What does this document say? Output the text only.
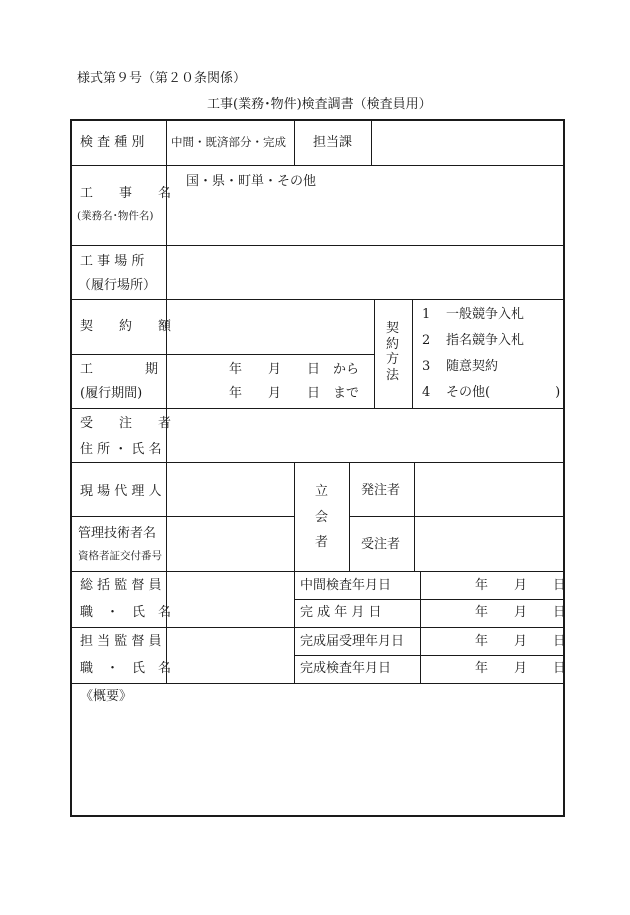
様式第９号（第２０条関係）
工事(業務･物件)検査調書（検査員用）
検 査 種 別 中間・既済部分・完成 担当課
工　　事　　名
(業務名･物件名)
国・県・町単・その他
工 事 場 所
（履行場所）
契　　約　　額	契
約
方
法
1 一般競争入札
2 指名競争入札
3 随意契約
4 その他(　　　　　)
工　　　　期
(履行期間)
年　　月　　日　から
年　　月　　日　まで
受　　注　　者
住 所 ・ 氏 名
現 場 代 理 人	立
会
者
発注者
受注者
管理技術者名
資格者証交付番号
総 括 監 督 員
職　・　氏　名
中間検査年月日
完 成 年 月 日
年　　月　　日
年　　月　　日
担 当 監 督 員
職　・　氏　名
完成届受理年月日
完成検査年月日
年　　月　　日
年　　月　　日
《概要》
